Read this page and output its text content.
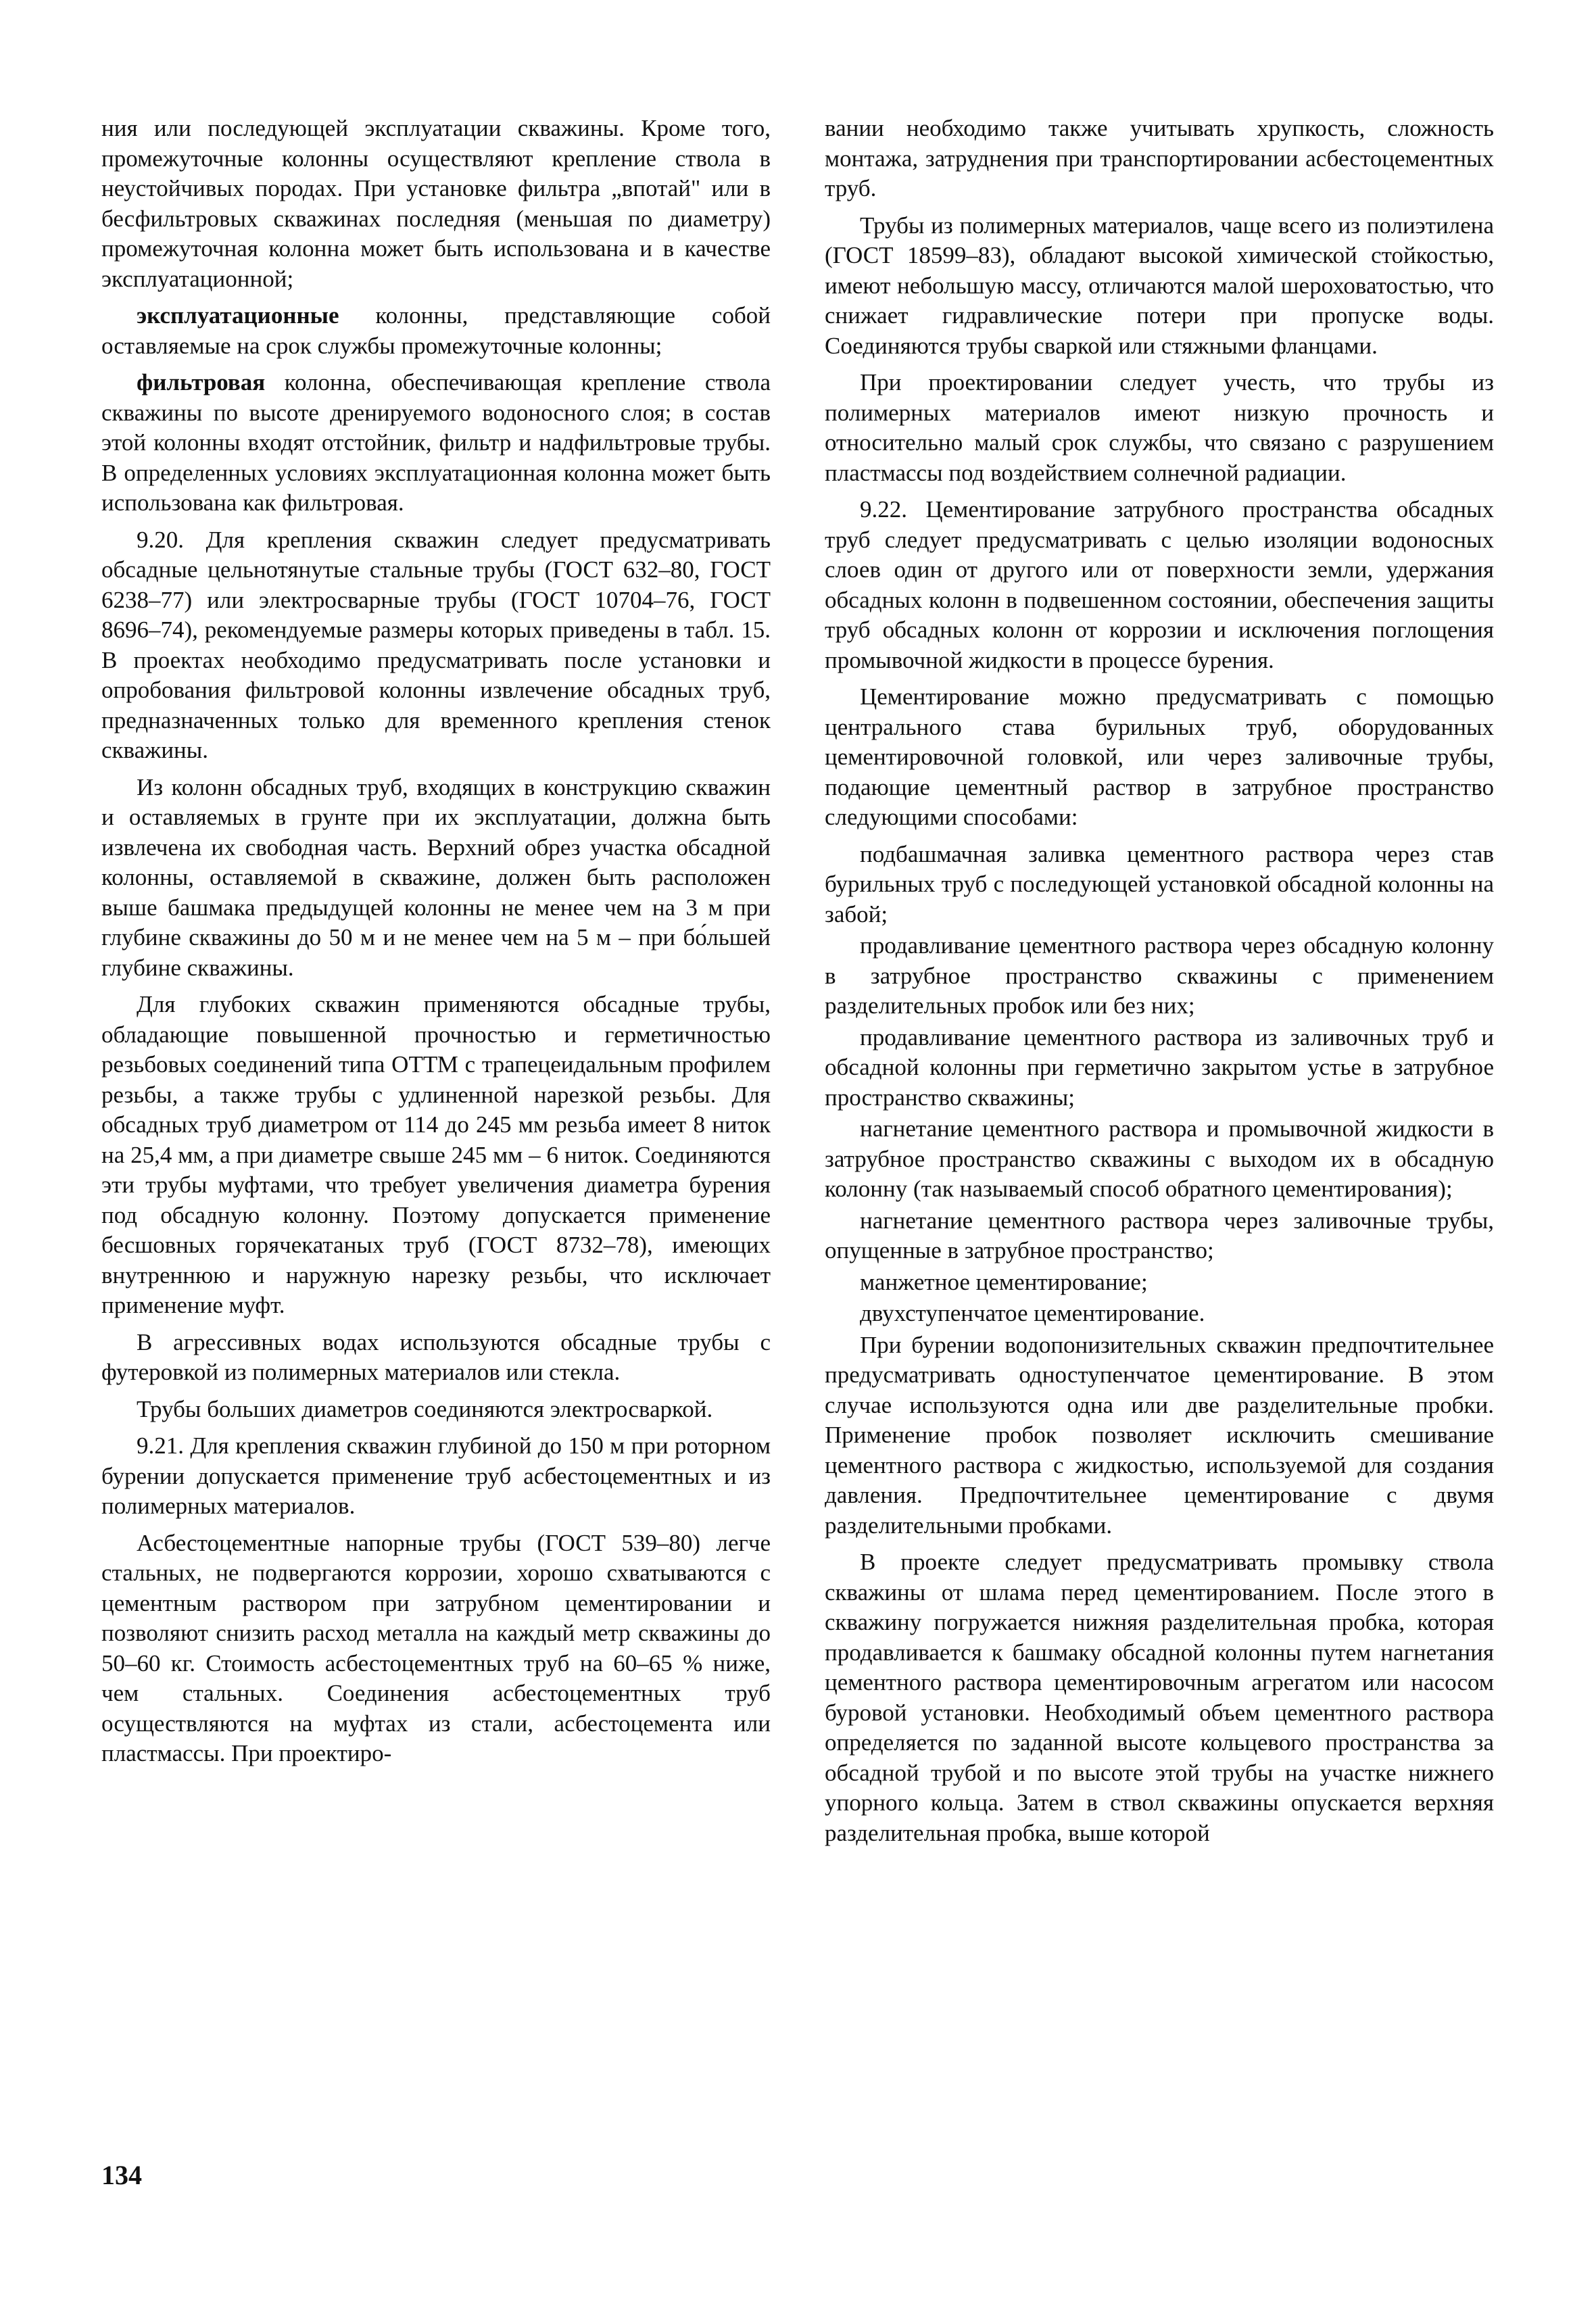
ния или последующей эксплуатации скважины. Кроме того, промежуточные колонны осуществляют крепление ствола в неустойчивых породах. При установке фильтра „впотай" или в бесфильтровых скважинах последняя (меньшая по диаметру) промежуточная колонна может быть использована и в качестве эксплуатационной;

эксплуатационные колонны, представляющие собой оставляемые на срок службы промежуточные колонны;

фильтровая колонна, обеспечивающая крепление ствола скважины по высоте дренируемого водоносного слоя; в состав этой колонны входят отстойник, фильтр и надфильтровые трубы. В определенных условиях эксплуатационная колонна может быть использована как фильтровая.

9.20. Для крепления скважин следует предусматривать обсадные цельнотянутые стальные трубы (ГОСТ 632–80, ГОСТ 6238–77) или электросварные трубы (ГОСТ 10704–76, ГОСТ 8696–74), рекомендуемые размеры которых приведены в табл. 15. В проектах необходимо предусматривать после установки и опробования фильтровой колонны извлечение обсадных труб, предназначенных только для временного крепления стенок скважины.

Из колонн обсадных труб, входящих в конструкцию скважин и оставляемых в грунте при их эксплуатации, должна быть извлечена их свободная часть. Верхний обрез участка обсадной колонны, оставляемой в скважине, должен быть расположен выше башмака предыдущей колонны не менее чем на 3 м при глубине скважины до 50 м и не менее чем на 5 м – при бо́льшей глубине скважины.

Для глубоких скважин применяются обсадные трубы, обладающие повышенной прочностью и герметичностью резьбовых соединений типа ОТТМ с трапецеидальным профилем резьбы, а также трубы с удлиненной нарезкой резьбы. Для обсадных труб диаметром от 114 до 245 мм резьба имеет 8 ниток на 25,4 мм, а при диаметре свыше 245 мм – 6 ниток. Соединяются эти трубы муфтами, что требует увеличения диаметра бурения под обсадную колонну. Поэтому допускается применение бесшовных горячекатаных труб (ГОСТ 8732–78), имеющих внутреннюю и наружную нарезку резьбы, что исключает применение муфт.

В агрессивных водах используются обсадные трубы с футеровкой из полимерных материалов или стекла.

Трубы больших диаметров соединяются электросваркой.

9.21. Для крепления скважин глубиной до 150 м при роторном бурении допускается применение труб асбестоцементных и из полимерных материалов.

Асбестоцементные напорные трубы (ГОСТ 539–80) легче стальных, не подвергаются коррозии, хорошо схватываются с цементным раствором при затрубном цементировании и позволяют снизить расход металла на каждый метр скважины до 50–60 кг. Стоимость асбестоцементных труб на 60–65 % ниже, чем стальных. Соединения асбестоцементных труб осуществляются на муфтах из стали, асбестоцемента или пластмассы. При проектиро-

вании необходимо также учитывать хрупкость, сложность монтажа, затруднения при транспортировании асбестоцементных труб.

Трубы из полимерных материалов, чаще всего из полиэтилена (ГОСТ 18599–83), обладают высокой химической стойкостью, имеют небольшую массу, отличаются малой шероховатостью, что снижает гидравлические потери при пропуске воды. Соединяются трубы сваркой или стяжными фланцами.

При проектировании следует учесть, что трубы из полимерных материалов имеют низкую прочность и относительно малый срок службы, что связано с разрушением пластмассы под воздействием солнечной радиации.

9.22. Цементирование затрубного пространства обсадных труб следует предусматривать с целью изоляции водоносных слоев один от другого или от поверхности земли, удержания обсадных колонн в подвешенном состоянии, обеспечения защиты труб обсадных колонн от коррозии и исключения поглощения промывочной жидкости в процессе бурения.

Цементирование можно предусматривать с помощью центрального става бурильных труб, оборудованных цементировочной головкой, или через заливочные трубы, подающие цементный раствор в затрубное пространство следующими способами:

подбашмачная заливка цементного раствора через став бурильных труб с последующей установкой обсадной колонны на забой;

продавливание цементного раствора через обсадную колонну в затрубное пространство скважины с применением разделительных пробок или без них;

продавливание цементного раствора из заливочных труб и обсадной колонны при герметично закрытом устье в затрубное пространство скважины;

нагнетание цементного раствора и промывочной жидкости в затрубное пространство скважины с выходом их в обсадную колонну (так называемый способ обратного цементирования);

нагнетание цементного раствора через заливочные трубы, опущенные в затрубное пространство;

манжетное цементирование;

двухступенчатое цементирование.

При бурении водопонизительных скважин предпочтительнее предусматривать одноступенчатое цементирование. В этом случае используются одна или две разделительные пробки. Применение пробок позволяет исключить смешивание цементного раствора с жидкостью, используемой для создания давления. Предпочтительнее цементирование с двумя разделительными пробками.

В проекте следует предусматривать промывку ствола скважины от шлама перед цементированием. После этого в скважину погружается нижняя разделительная пробка, которая продавливается к башмаку обсадной колонны путем нагнетания цементного раствора цементировочным агрегатом или насосом буровой установки. Необходимый объем цементного раствора определяется по заданной высоте кольцевого пространства за обсадной трубой и по высоте этой трубы на участке нижнего упорного кольца. Затем в ствол скважины опускается верхняя разделительная пробка, выше которой

134
